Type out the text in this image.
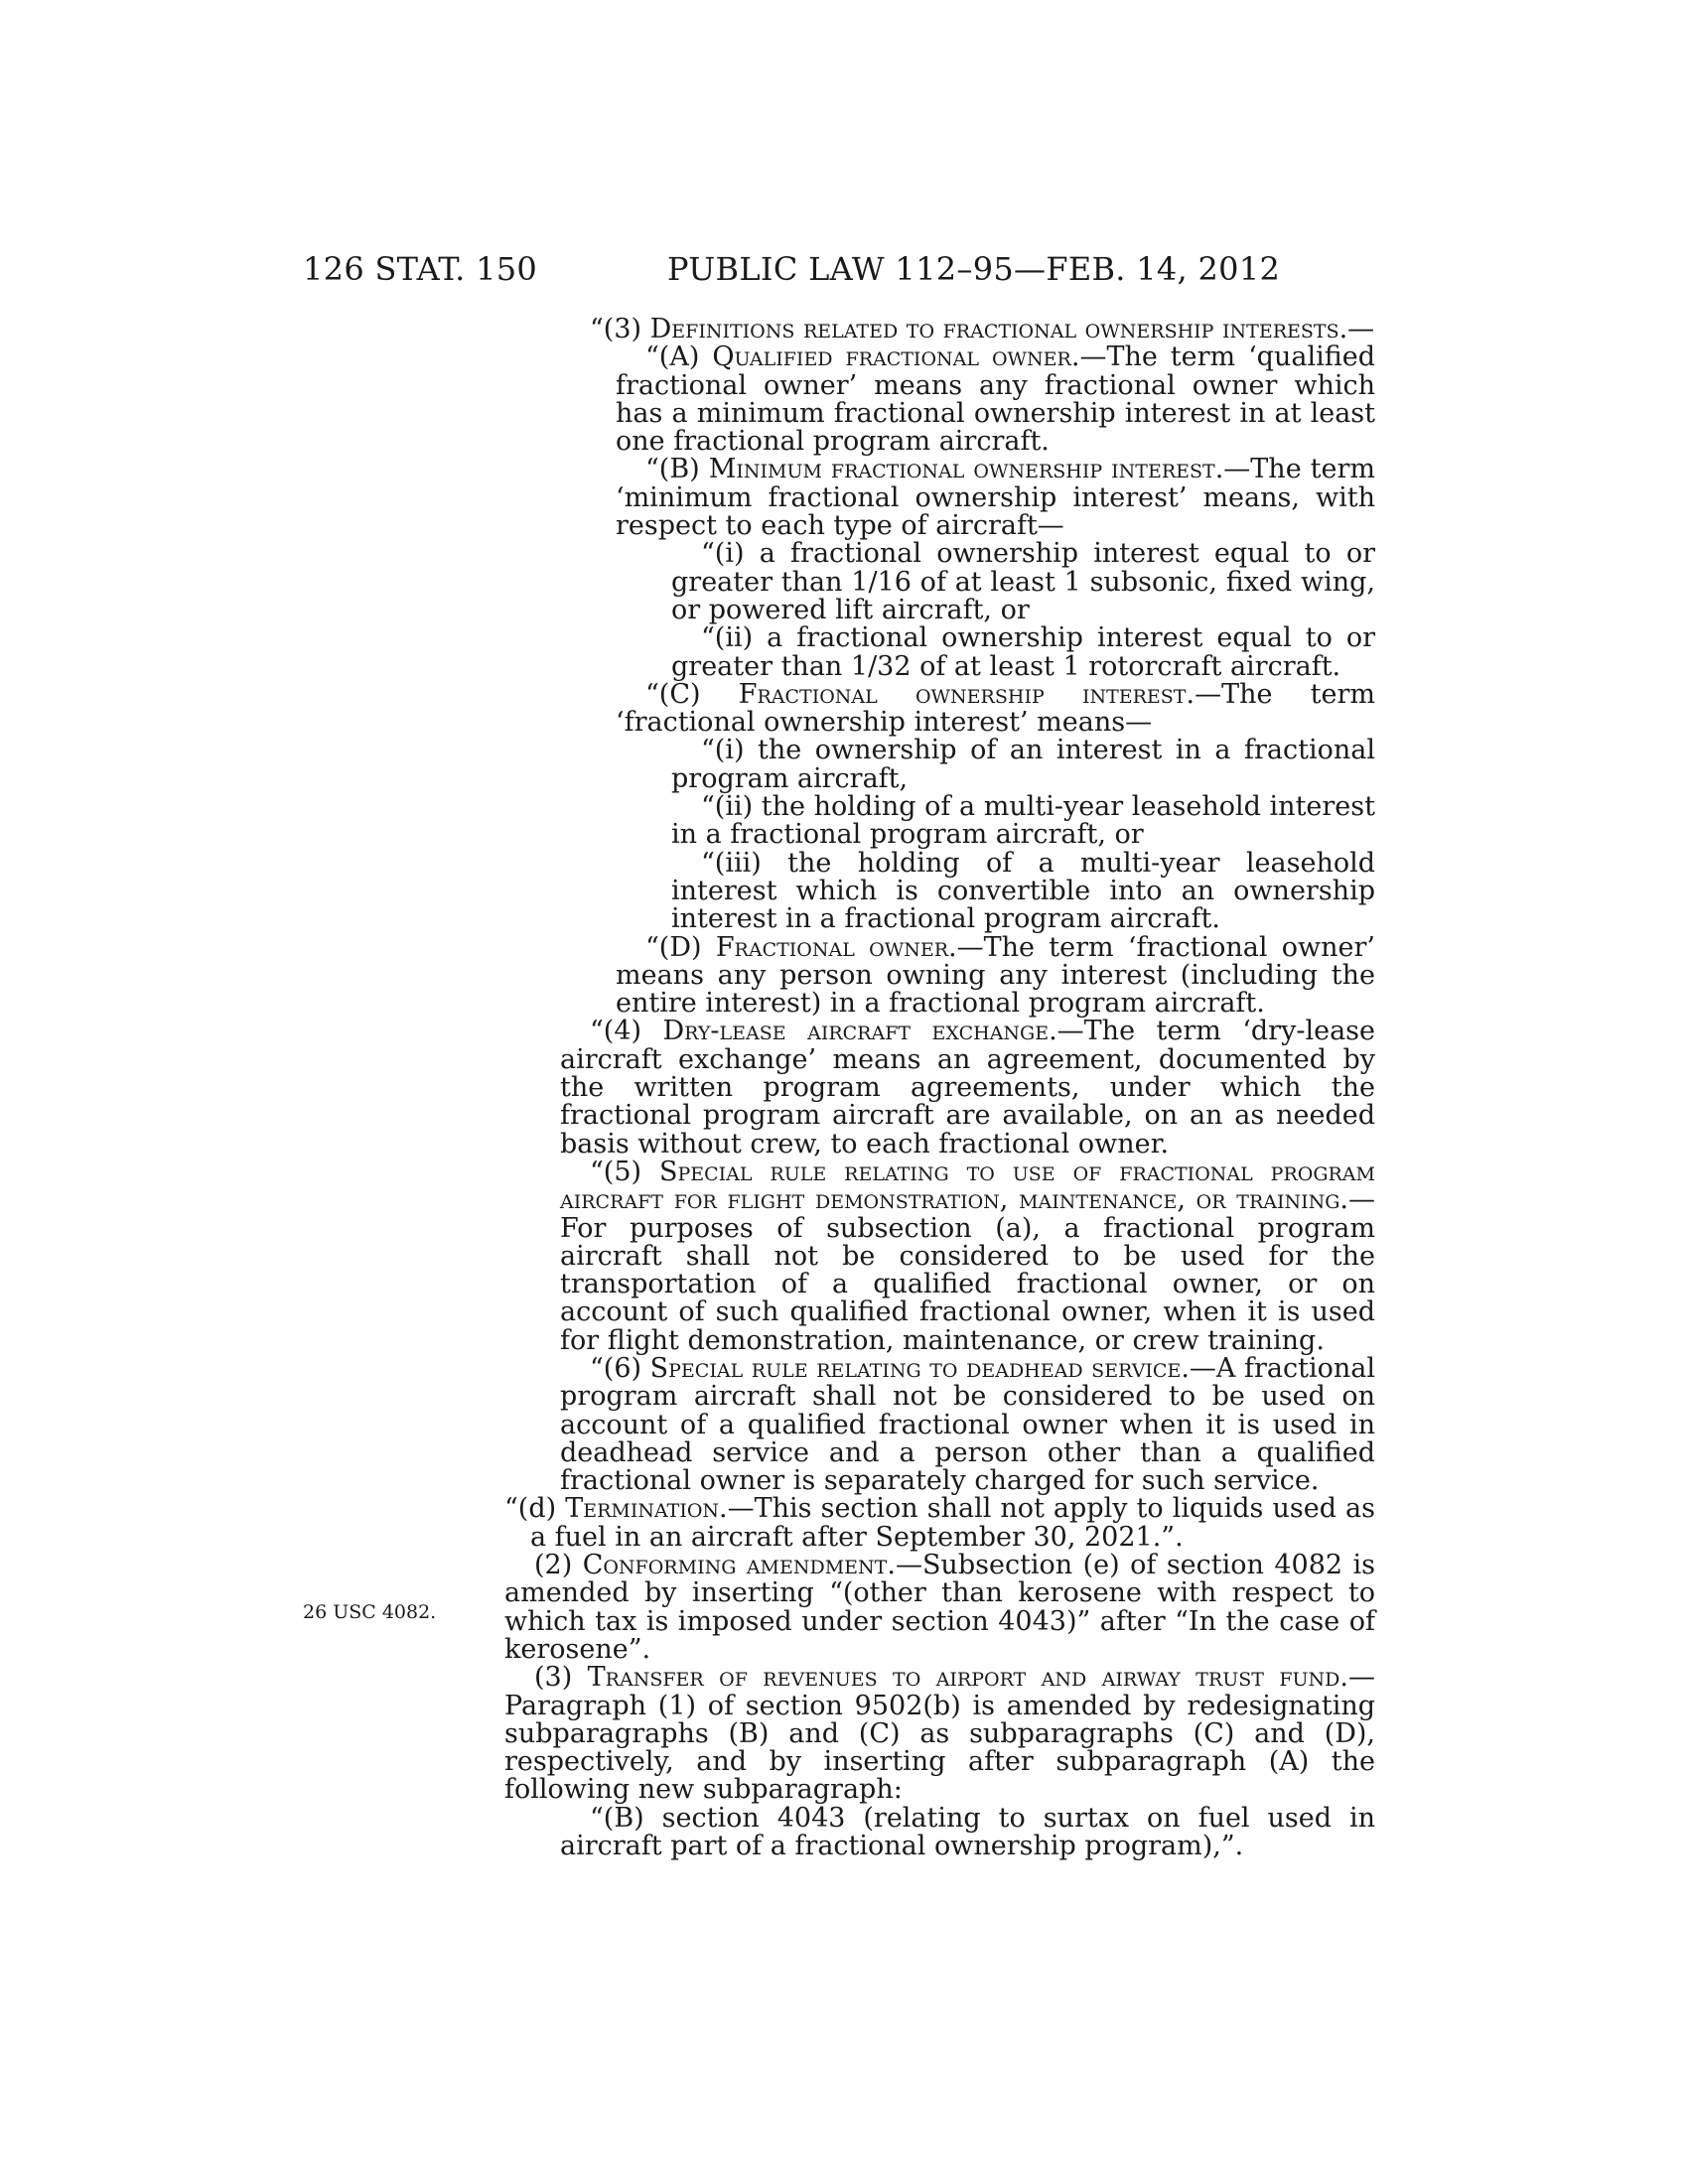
126 STAT. 150	PUBLIC LAW 112–95—FEB. 14, 2012
26 USC 4082.

“(3) Definitions related to fractional ownership interests.—

“(A) Qualified fractional owner.—The term ‘qualified fractional owner’ means any fractional owner which has a minimum fractional ownership interest in at least one fractional program aircraft.

“(B) Minimum fractional ownership interest.—The term ‘minimum fractional ownership interest’ means, with respect to each type of aircraft—

“(i) a fractional ownership interest equal to or greater than 1/16 of at least 1 subsonic, fixed wing, or powered lift aircraft, or

“(ii) a fractional ownership interest equal to or greater than 1/32 of at least 1 rotorcraft aircraft.

“(C) Fractional ownership interest.—The term ‘fractional ownership interest’ means—

“(i) the ownership of an interest in a fractional program aircraft,

“(ii) the holding of a multi-year leasehold interest in a fractional program aircraft, or

“(iii) the holding of a multi-year leasehold interest which is convertible into an ownership interest in a fractional program aircraft.

“(D) Fractional owner.—The term ‘fractional owner’ means any person owning any interest (including the entire interest) in a fractional program aircraft.

“(4) Dry-lease aircraft exchange.—The term ‘dry-lease aircraft exchange’ means an agreement, documented by the written program agreements, under which the fractional program aircraft are available, on an as needed basis without crew, to each fractional owner.

“(5) Special rule relating to use of fractional program aircraft for flight demonstration, maintenance, or training.—For purposes of subsection (a), a fractional program aircraft shall not be considered to be used for the transportation of a qualified fractional owner, or on account of such qualified fractional owner, when it is used for flight demonstration, maintenance, or crew training.

“(6) Special rule relating to deadhead service.—A fractional program aircraft shall not be considered to be used on account of a qualified fractional owner when it is used in deadhead service and a person other than a qualified fractional owner is separately charged for such service.

“(d) Termination.—This section shall not apply to liquids used as a fuel in an aircraft after September 30, 2021.”.

(2) Conforming amendment.—Subsection (e) of section 4082 is amended by inserting “(other than kerosene with respect to which tax is imposed under section 4043)” after “In the case of kerosene”.

(3) Transfer of revenues to airport and airway trust fund.—Paragraph (1) of section 9502(b) is amended by redesignating subparagraphs (B) and (C) as subparagraphs (C) and (D), respectively, and by inserting after subparagraph (A) the following new subparagraph:

“(B) section 4043 (relating to surtax on fuel used in aircraft part of a fractional ownership program),”.
